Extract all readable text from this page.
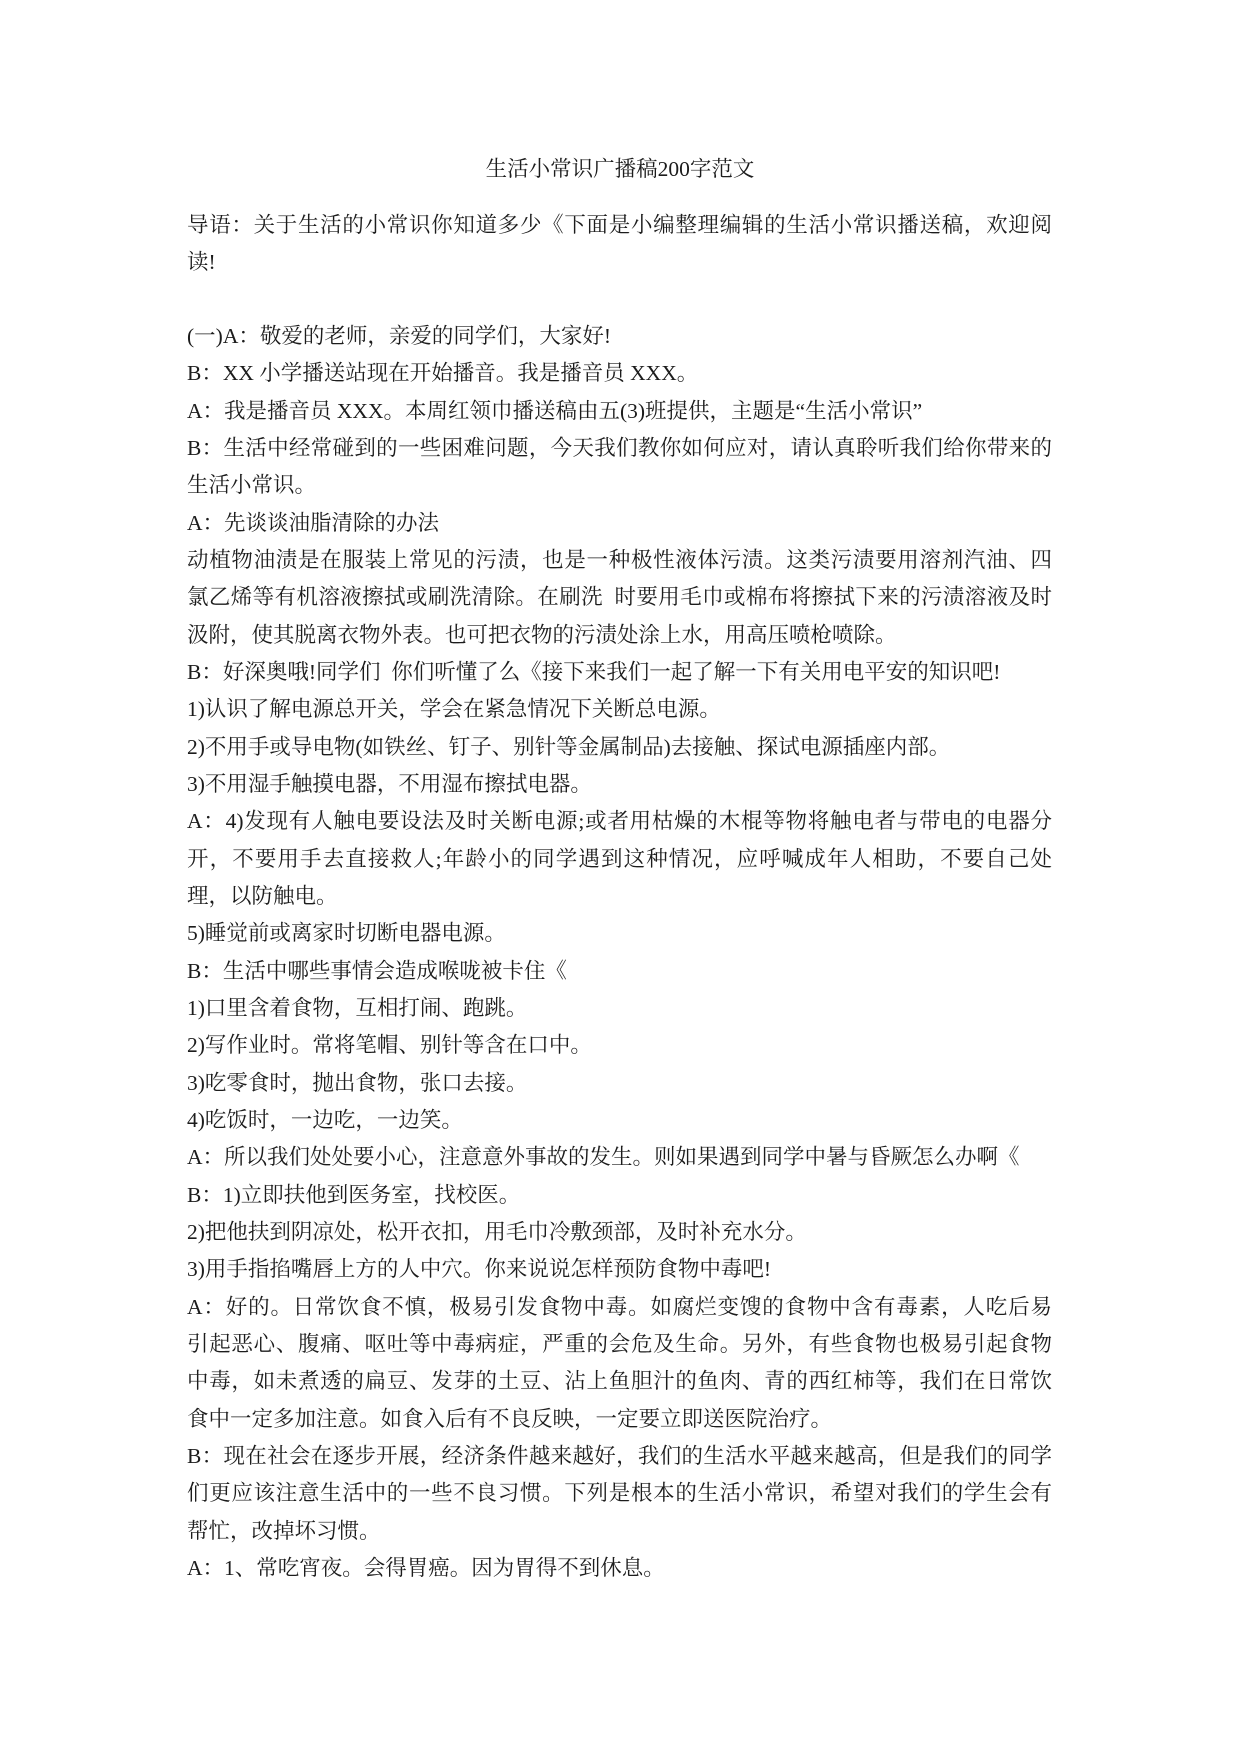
生活小常识广播稿200字范文
导语：关于生活的小常识你知道多少《下面是小编整理编辑的生活小常识播送稿，欢迎阅
读!
(一)A：敬爱的老师，亲爱的同学们，大家好!
B：XX 小学播送站现在开始播音。我是播音员 XXX。
A：我是播音员 XXX。本周红领巾播送稿由五(3)班提供，主题是“生活小常识”
B：生活中经常碰到的一些困难问题，今天我们教你如何应对，请认真聆听我们给你带来的
生活小常识。
A：先谈谈油脂清除的办法
动植物油渍是在服装上常见的污渍，也是一种极性液体污渍。这类污渍要用溶剂汽油、四
氯乙烯等有机溶液擦拭或刷洗清除。在刷洗  时要用毛巾或棉布将擦拭下来的污渍溶液及时
汲附，使其脱离衣物外表。也可把衣物的污渍处涂上水，用高压喷枪喷除。
B：好深奥哦!同学们  你们听懂了么《接下来我们一起了解一下有关用电平安的知识吧!
1)认识了解电源总开关，学会在紧急情况下关断总电源。
2)不用手或导电物(如铁丝、钉子、别针等金属制品)去接触、探试电源插座内部。
3)不用湿手触摸电器，不用湿布擦拭电器。
A：4)发现有人触电要设法及时关断电源;或者用枯燥的木棍等物将触电者与带电的电器分
开，不要用手去直接救人;年龄小的同学遇到这种情况，应呼喊成年人相助，不要自己处
理，以防触电。
5)睡觉前或离家时切断电器电源。
B：生活中哪些事情会造成喉咙被卡住《
1)口里含着食物，互相打闹、跑跳。
2)写作业时。常将笔帽、别针等含在口中。
3)吃零食时，抛出食物，张口去接。
4)吃饭时，一边吃，一边笑。
A：所以我们处处要小心，注意意外事故的发生。则如果遇到同学中暑与昏厥怎么办啊《
B：1)立即扶他到医务室，找校医。
2)把他扶到阴凉处，松开衣扣，用毛巾冷敷颈部，及时补充水分。
3)用手指掐嘴唇上方的人中穴。你来说说怎样预防食物中毒吧!
A：好的。日常饮食不慎，极易引发食物中毒。如腐烂变馊的食物中含有毒素，人吃后易
引起恶心、腹痛、呕吐等中毒病症，严重的会危及生命。另外，有些食物也极易引起食物
中毒，如未煮透的扁豆、发芽的土豆、沾上鱼胆汁的鱼肉、青的西红柿等，我们在日常饮
食中一定多加注意。如食入后有不良反映，一定要立即送医院治疗。
B：现在社会在逐步开展，经济条件越来越好，我们的生活水平越来越高，但是我们的同学
们更应该注意生活中的一些不良习惯。下列是根本的生活小常识，希望对我们的学生会有
帮忙，改掉坏习惯。
A：1、常吃宵夜。会得胃癌。因为胃得不到休息。
